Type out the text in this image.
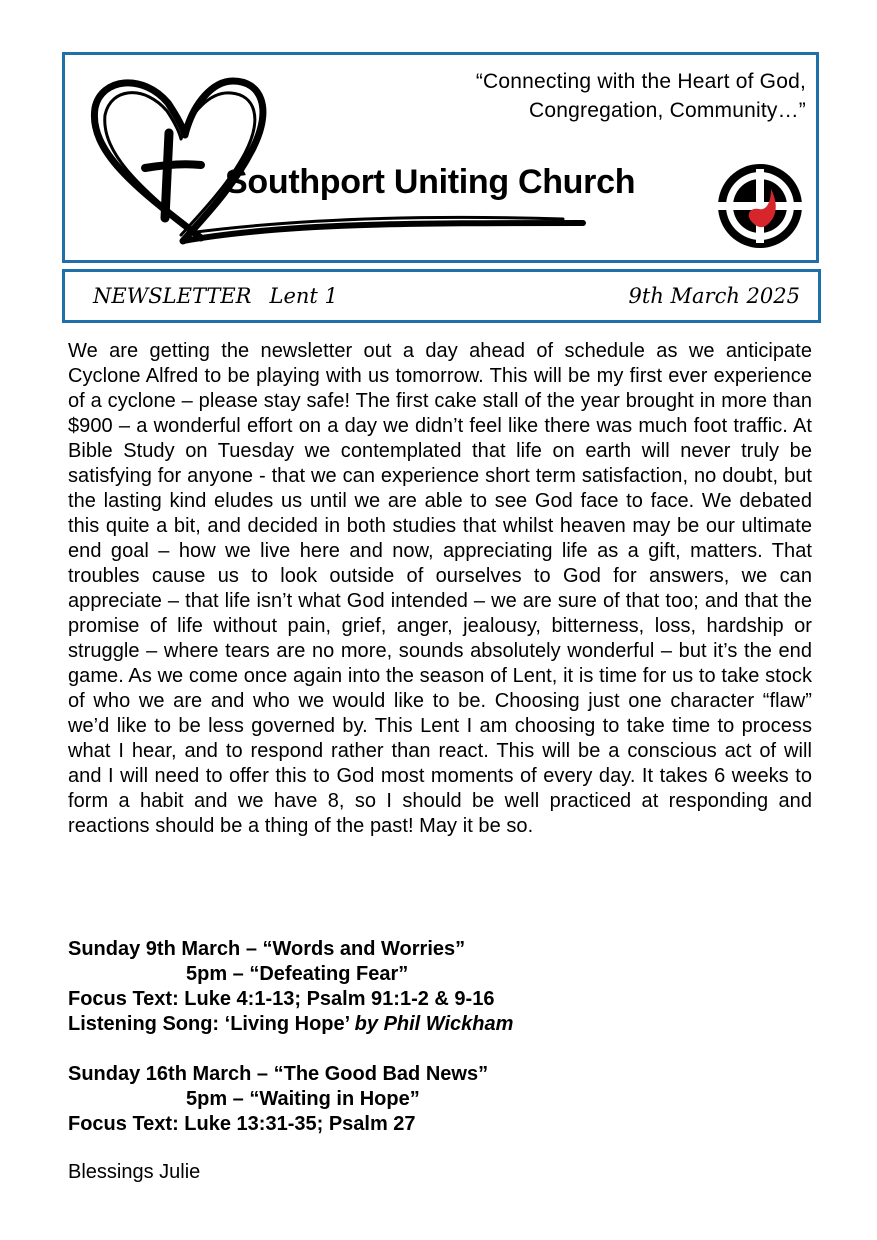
“Connecting with the Heart of God,
Congregation, Community…”
Southport Uniting Church
NEWSLETTER Lent 1	9th March 2025
We are getting the newsletter out a day ahead of schedule as we anticipate Cyclone Alfred to be playing with us tomorrow. This will be my first ever experience of a cyclone – please stay safe! The first cake stall of the year brought in more than $900 – a wonderful effort on a day we didn’t feel like there was much foot traffic. At Bible Study on Tuesday we contemplated that life on earth will never truly be satisfying for anyone - that we can experience short term satisfaction, no doubt, but the lasting kind eludes us until we are able to see God face to face. We debated this quite a bit, and decided in both studies that whilst heaven may be our ultimate end goal – how we live here and now, appreciating life as a gift, matters. That troubles cause us to look outside of ourselves to God for answers, we can appreciate – that life isn’t what God intended – we are sure of that too; and that the promise of life without pain, grief, anger, jealousy, bitterness, loss, hardship or struggle – where tears are no more, sounds absolutely wonderful – but it’s the end game. As we come once again into the season of Lent, it is time for us to take stock of who we are and who we would like to be. Choosing just one character “flaw” we’d like to be less governed by. This Lent I am choosing to take time to process what I hear, and to respond rather than react. This will be a conscious act of will and I will need to offer this to God most moments of every day. It takes 6 weeks to form a habit and we have 8, so I should be well practiced at responding and reactions should be a thing of the past! May it be so.
Sunday 9th March – “Words and Worries”
5pm – “Defeating Fear”
Focus Text: Luke 4:1-13; Psalm 91:1-2 & 9-16
Listening Song: ‘Living Hope’ by Phil Wickham
Sunday 16th March – “The Good Bad News”
5pm – “Waiting in Hope”
Focus Text: Luke 13:31-35; Psalm 27
Blessings Julie
